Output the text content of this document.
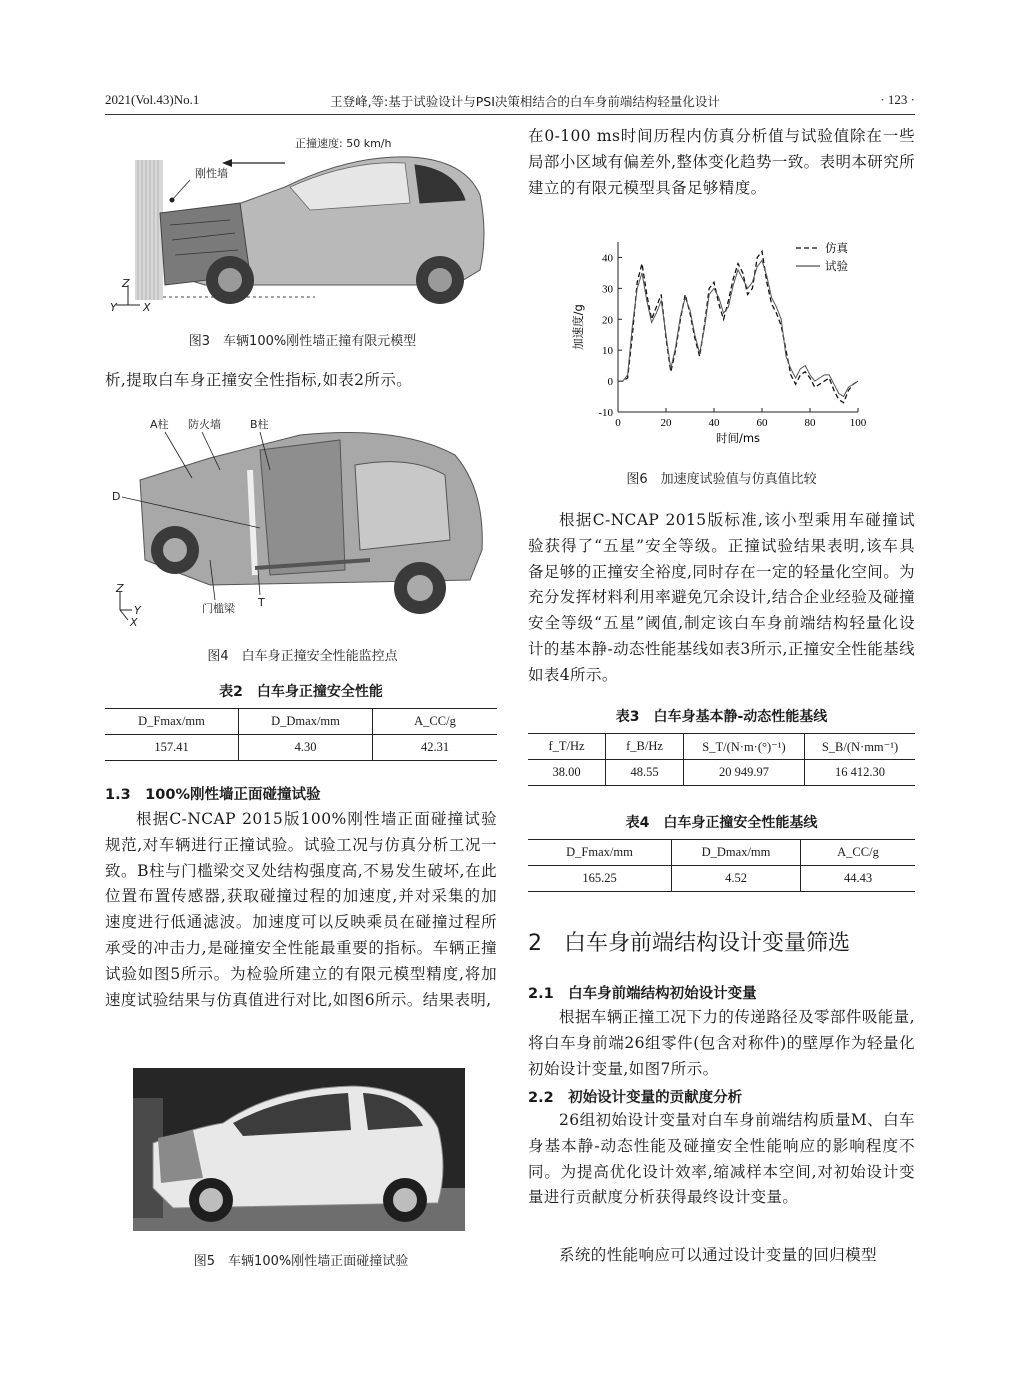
2021(Vol.43)No.1	王登峰,等:基于试验设计与PSI决策相结合的白车身前端结构轻量化设计	· 123 ·
正撞速度: 50 km/h
刚性墙
Z
Y X
图3　车辆100%刚性墙正撞有限元模型
析,提取白车身正撞安全性指标,如表2所示。
A柱 防火墙	B柱
D
门槛梁 T
Z
Y
X
图4　白车身正撞安全性能监控点
表2　白车身正撞安全性能
D_Fmax/mm	D_Dmax/mm	A_CC/g
157.41	4.30	42.31
1.3　100%刚性墙正面碰撞试验
根据C-NCAP 2015版100%刚性墙正面碰撞试验规范,对车辆进行正撞试验。试验工况与仿真分析工况一致。B柱与门槛梁交叉处结构强度高,不易发生破坏,在此位置布置传感器,获取碰撞过程的加速度,并对采集的加速度进行低通滤波。加速度可以反映乘员在碰撞过程所承受的冲击力,是碰撞安全性能最重要的指标。车辆正撞试验如图5所示。为检验所建立的有限元模型精度,将加速度试验结果与仿真值进行对比,如图6所示。结果表明,
图5　车辆100%刚性墙正面碰撞试验
在0-100 ms时间历程内仿真分析值与试验值除在一些局部小区域有偏差外,整体变化趋势一致。表明本研究所建立的有限元模型具备足够精度。
0	20	40	60	80	100
-10
0
10
20
30
40
时间/ms
加速度/g
仿真
试验
图6　加速度试验值与仿真值比较
根据C-NCAP 2015版标准,该小型乘用车碰撞试验获得了“五星”安全等级。正撞试验结果表明,该车具备足够的正撞安全裕度,同时存在一定的轻量化空间。为充分发挥材料利用率避免冗余设计,结合企业经验及碰撞安全等级“五星”阈值,制定该白车身前端结构轻量化设计的基本静-动态性能基线如表3所示,正撞安全性能基线如表4所示。
表3　白车身基本静-动态性能基线
f_T/Hz	f_B/Hz	S_T/(N·m·(°)⁻¹)	S_B/(N·mm⁻¹)
38.00	48.55	20 949.97	16 412.30
表4　白车身正撞安全性能基线
D_Fmax/mm	D_Dmax/mm	A_CC/g
165.25	4.52	44.43
2　白车身前端结构设计变量筛选
2.1　白车身前端结构初始设计变量
根据车辆正撞工况下力的传递路径及零部件吸能量,将白车身前端26组零件(包含对称件)的壁厚作为轻量化初始设计变量,如图7所示。
2.2　初始设计变量的贡献度分析
26组初始设计变量对白车身前端结构质量M、白车身基本静-动态性能及碰撞安全性能响应的影响程度不同。为提高优化设计效率,缩减样本空间,对初始设计变量进行贡献度分析获得最终设计变量。
系统的性能响应可以通过设计变量的回归模型
